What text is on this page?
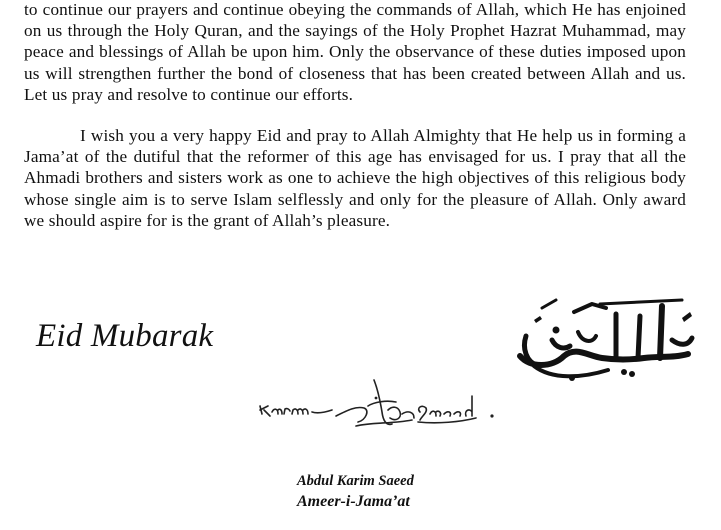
to continue our prayers and continue obeying the commands of Allah, which He has enjoined on us through the Holy Quran, and the sayings of the Holy Prophet Hazrat Muhammad, may peace and blessings of Allah be upon him. Only the observance of these duties imposed upon us will strengthen further the bond of closeness that has been created between Allah and us. Let us pray and resolve to continue our efforts.

I wish you a very happy Eid and pray to Allah Almighty that He help us in forming a Jama’at of the dutiful that the reformer of this age has envisaged for us. I pray that all the Ahmadi brothers and sisters work as one to achieve the high objectives of this religious body whose single aim is to serve Islam selflessly and only for the pleasure of Allah. Only award we should aspire for is the grant of Allah’s pleasure.

Eid Mubarak
Abdul Karim Saeed
Ameer-i-Jama’at
